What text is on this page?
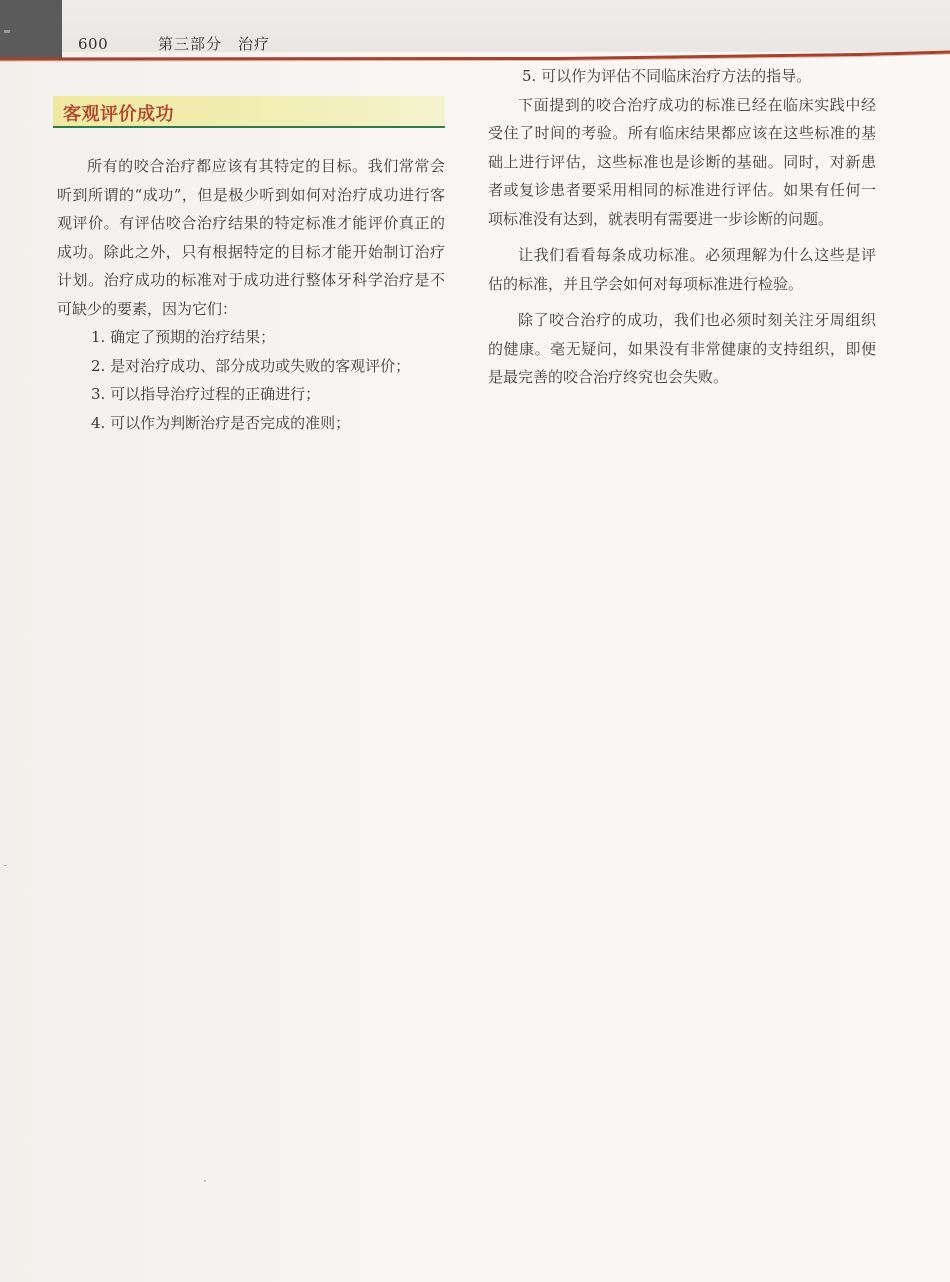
600	第三部分　治疗
客观评价成功

所有的咬合治疗都应该有其特定的目标。我们常常会听到所谓的“成功”，但是极少听到如何对治疗成功进行客观评价。有评估咬合治疗结果的特定标准才能评价真正的成功。除此之外，只有根据特定的目标才能开始制订治疗计划。治疗成功的标准对于成功进行整体牙科学治疗是不可缺少的要素，因为它们：

1. 确定了预期的治疗结果；
2. 是对治疗成功、部分成功或失败的客观评价；
3. 可以指导治疗过程的正确进行；
4. 可以作为判断治疗是否完成的准则；
5. 可以作为评估不同临床治疗方法的指导。

下面提到的咬合治疗成功的标准已经在临床实践中经受住了时间的考验。所有临床结果都应该在这些标准的基础上进行评估，这些标准也是诊断的基础。同时，对新患者或复诊患者要采用相同的标准进行评估。如果有任何一项标准没有达到，就表明有需要进一步诊断的问题。

让我们看看每条成功标准。必须理解为什么这些是评估的标准，并且学会如何对每项标准进行检验。

除了咬合治疗的成功，我们也必须时刻关注牙周组织的健康。毫无疑问，如果没有非常健康的支持组织，即便是最完善的咬合治疗终究也会失败。
